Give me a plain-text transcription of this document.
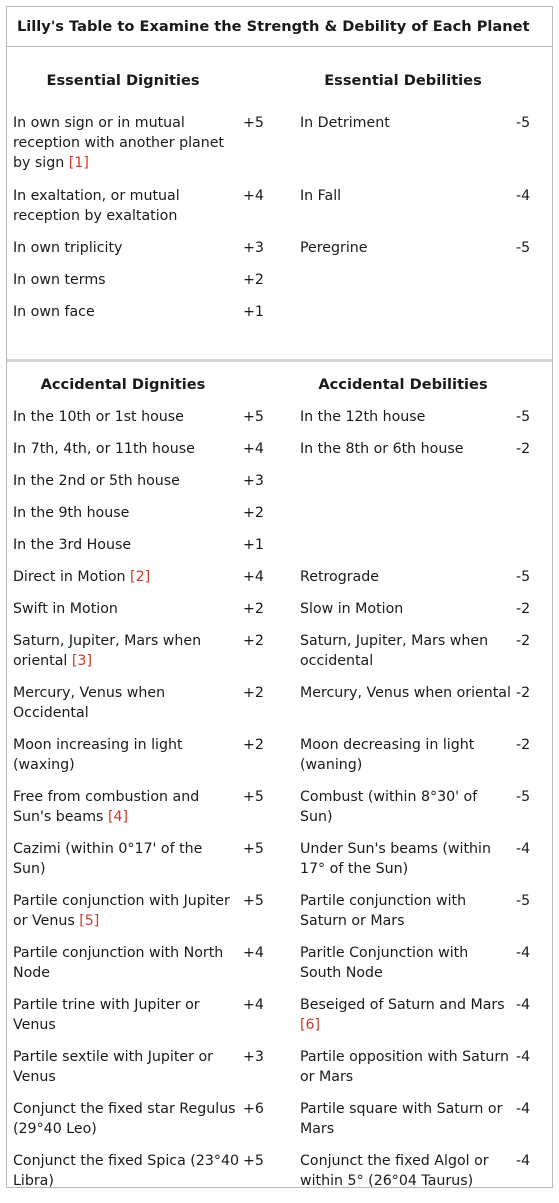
Lilly's Table to Examine the Strength & Debility of Each Planet
Essential Dignities		Essential Debilities	
In own sign or in mutual reception with another planet by sign [1]	+5	In Detriment	-5
In exaltation, or mutual reception by exaltation	+4	In Fall	-4
In own triplicity	+3	Peregrine	-5
In own terms	+2		
In own face	+1		

Accidental Dignities		Accidental Debilities	
In the 10th or 1st house	+5	In the 12th house	-5
In 7th, 4th, or 11th house	+4	In the 8th or 6th house	-2
In the 2nd or 5th house	+3		
In the 9th house	+2		
In the 3rd House	+1		
Direct in Motion [2]	+4	Retrograde	-5
Swift in Motion	+2	Slow in Motion	-2
Saturn, Jupiter, Mars when oriental [3]	+2	Saturn, Jupiter, Mars when occidental	-2
Mercury, Venus when Occidental	+2	Mercury, Venus when oriental	-2
Moon increasing in light (waxing)	+2	Moon decreasing in light (waning)	-2
Free from combustion and Sun's beams [4]	+5	Combust (within 8°30' of Sun)	-5
Cazimi (within 0°17' of the Sun)	+5	Under Sun's beams (within 17° of the Sun)	-4
Partile conjunction with Jupiter or Venus [5]	+5	Partile conjunction with Saturn or Mars	-5
Partile conjunction with North Node	+4	Paritle Conjunction with South Node	-4
Partile trine with Jupiter or Venus	+4	Beseiged of Saturn and Mars [6]	-4
Partile sextile with Jupiter or Venus	+3	Partile opposition with Saturn or Mars	-4
Conjunct the fixed star Regulus (29°40 Leo)	+6	Partile square with Saturn or Mars	-4
Conjunct the fixed Spica (23°40 Libra)	+5	Conjunct the fixed Algol or within 5° (26°04 Taurus)	-4
